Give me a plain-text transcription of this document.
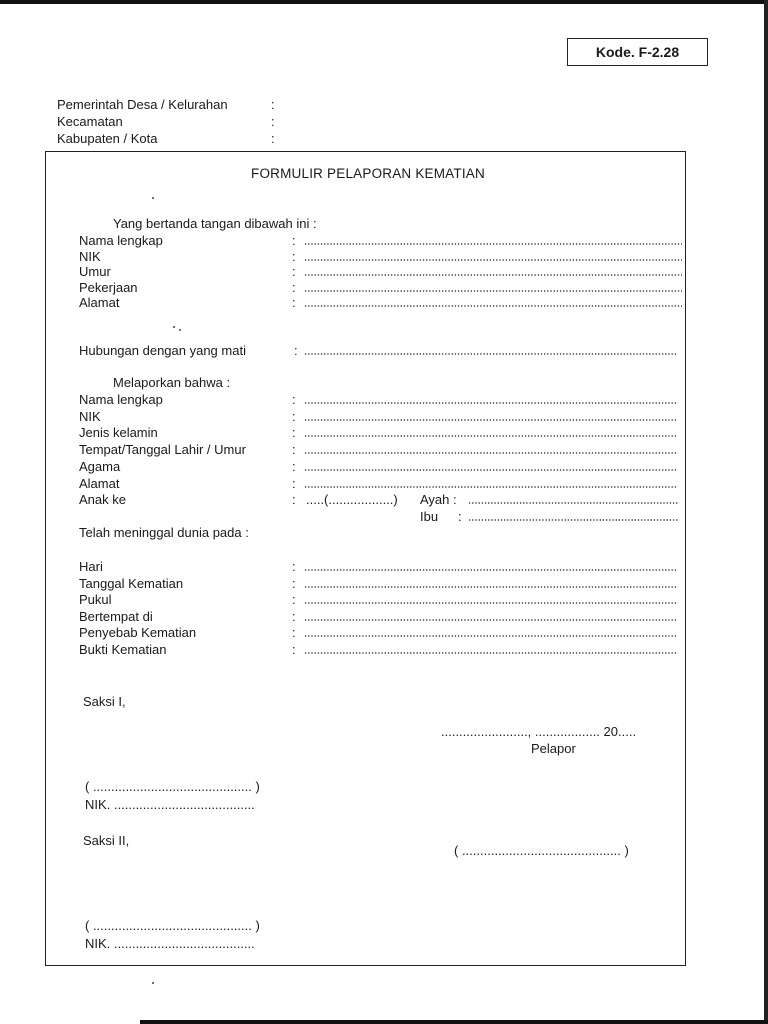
Kode. F-2.28
Pemerintah Desa / Kelurahan	:
Kecamatan	:
Kabupaten / Kota	:
FORMULIR PELAPORAN KEMATIAN
Yang bertanda tangan dibawah ini :
Nama lengkap	:
NIK	:
Umur	:
Pekerjaan	:
Alamat	:
Hubungan dengan yang mati	:
Melaporkan bahwa :
Nama lengkap	:
NIK	:
Jenis kelamin	:
Tempat/Tanggal Lahir / Umur	:
Agama	:
Alamat	:
Anak ke	: .....(..................) Ayah :
Ibu :
Telah meninggal dunia pada :
Hari	:
Tanggal Kematian	:
Pukul	:
Bertempat di	:
Penyebab Kematian	:
Bukti Kematian	:
Saksi I,
........................, .................. 20.....
Pelapor
( ............................................ )
NIK. .......................................
Saksi II,
( ............................................ )
( ............................................ )
NIK. .......................................
